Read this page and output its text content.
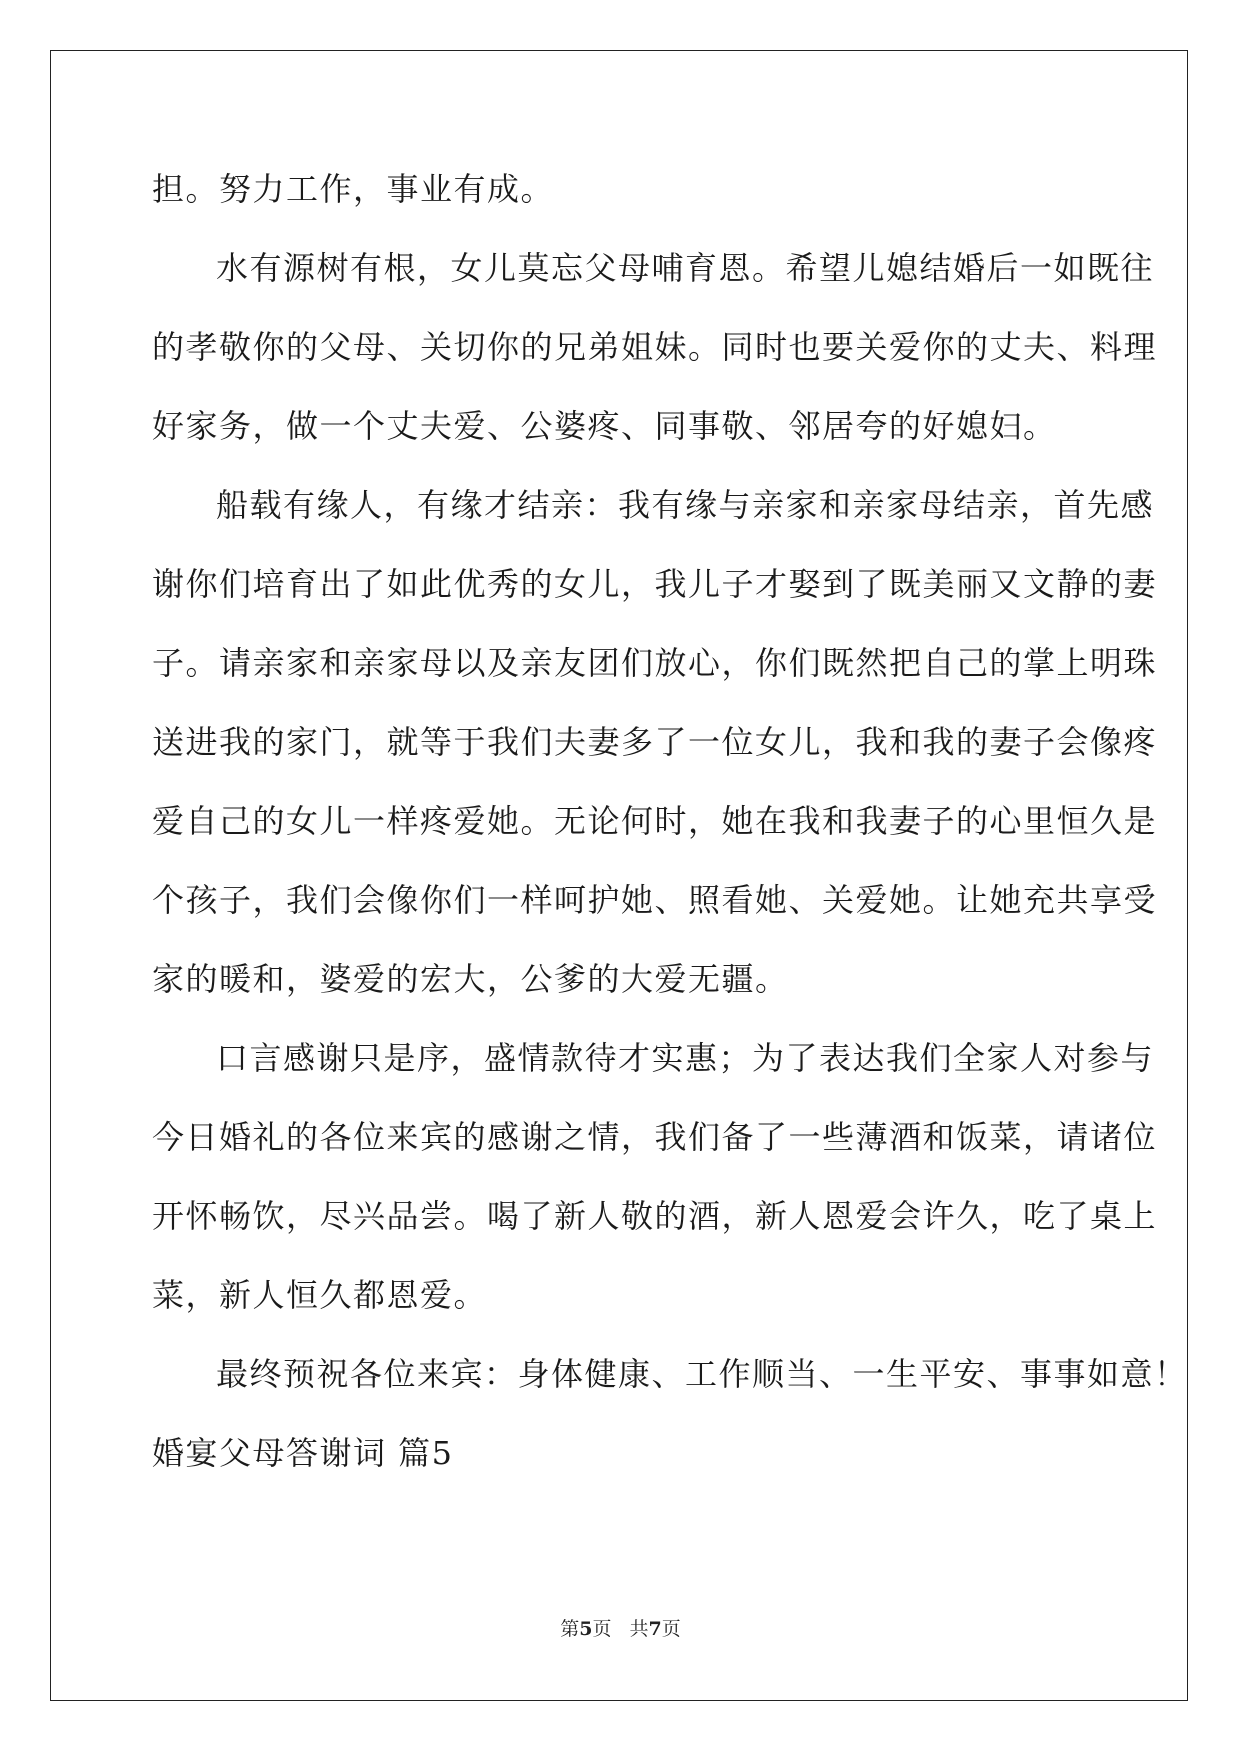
担。努力工作，事业有成。

水有源树有根，女儿莫忘父母哺育恩。希望儿媳结婚后一如既往

的孝敬你的父母、关切你的兄弟姐妹。同时也要关爱你的丈夫、料理

好家务，做一个丈夫爱、公婆疼、同事敬、邻居夸的好媳妇。

船载有缘人，有缘才结亲：我有缘与亲家和亲家母结亲，首先感

谢你们培育出了如此优秀的女儿，我儿子才娶到了既美丽又文静的妻

子。请亲家和亲家母以及亲友团们放心，你们既然把自己的掌上明珠

送进我的家门，就等于我们夫妻多了一位女儿，我和我的妻子会像疼

爱自己的女儿一样疼爱她。无论何时，她在我和我妻子的心里恒久是

个孩子，我们会像你们一样呵护她、照看她、关爱她。让她充共享受

家的暖和，婆爱的宏大，公爹的大爱无疆。

口言感谢只是序，盛情款待才实惠；为了表达我们全家人对参与

今日婚礼的各位来宾的感谢之情，我们备了一些薄酒和饭菜，请诸位

开怀畅饮，尽兴品尝。喝了新人敬的酒，新人恩爱会许久，吃了桌上

菜，新人恒久都恩爱。

最终预祝各位来宾：身体健康、工作顺当、一生平安、事事如意！

婚宴父母答谢词 篇5
第5页 共7页
